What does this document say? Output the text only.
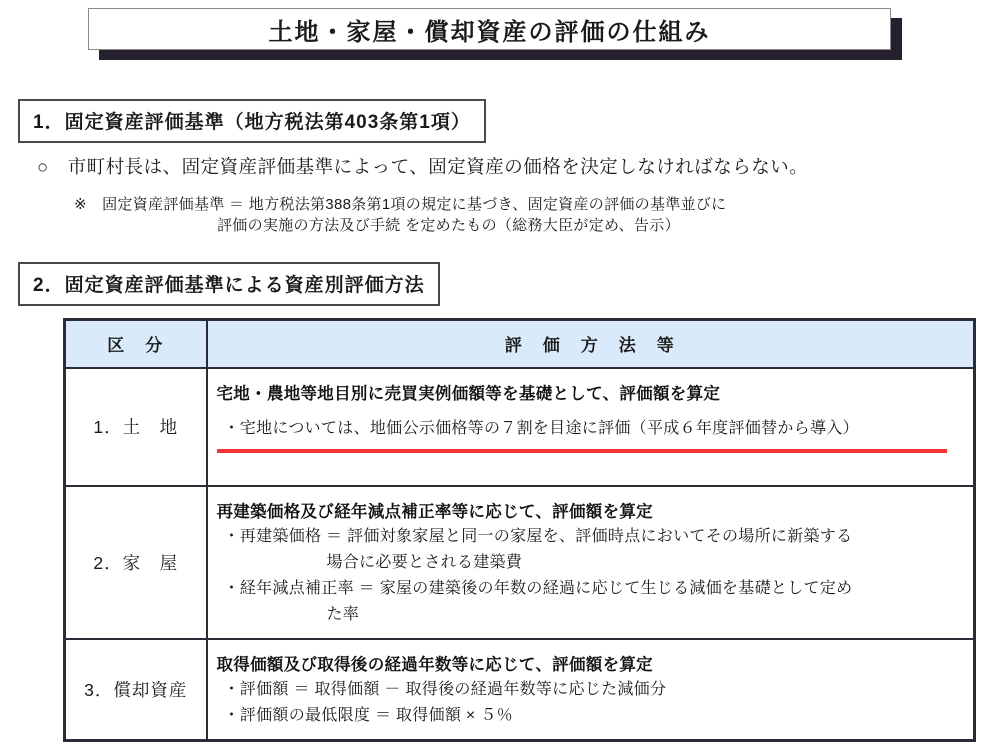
土地・家屋・償却資産の評価の仕組み
1．固定資産評価基準（地方税法第403条第1項）
○　市町村長は、固定資産評価基準によって、固定資産の価格を決定しなければならない。
※　固定資産評価基準 ＝ 地方税法第388条第1項の規定に基づき、固定資産の評価の基準並びに
評価の実施の方法及び手続 を定めたもの（総務大臣が定め、告示）
2．固定資産評価基準による資産別評価方法
区　分	評　価　方　法　等
1．土　地	宅地・農地等地目別に売買実例価額等を基礎として、評価額を算定
・宅地については、地価公示価格等の７割を目途に評価（平成６年度評価替から導入）

2．家　屋	再建築価格及び経年減点補正率等に応じて、評価額を算定
・再建築価格 ＝ 評価対象家屋と同一の家屋を、評価時点においてその場所に新築する
場合に必要とされる建築費
・経年減点補正率 ＝ 家屋の建築後の年数の経過に応じて生じる減価を基礎として定め
た率

3．償却資産	取得価額及び取得後の経過年数等に応じて、評価額を算定
・評価額 ＝ 取得価額 － 取得後の経過年数等に応じた減価分
・評価額の最低限度 ＝ 取得価額 × ５％
